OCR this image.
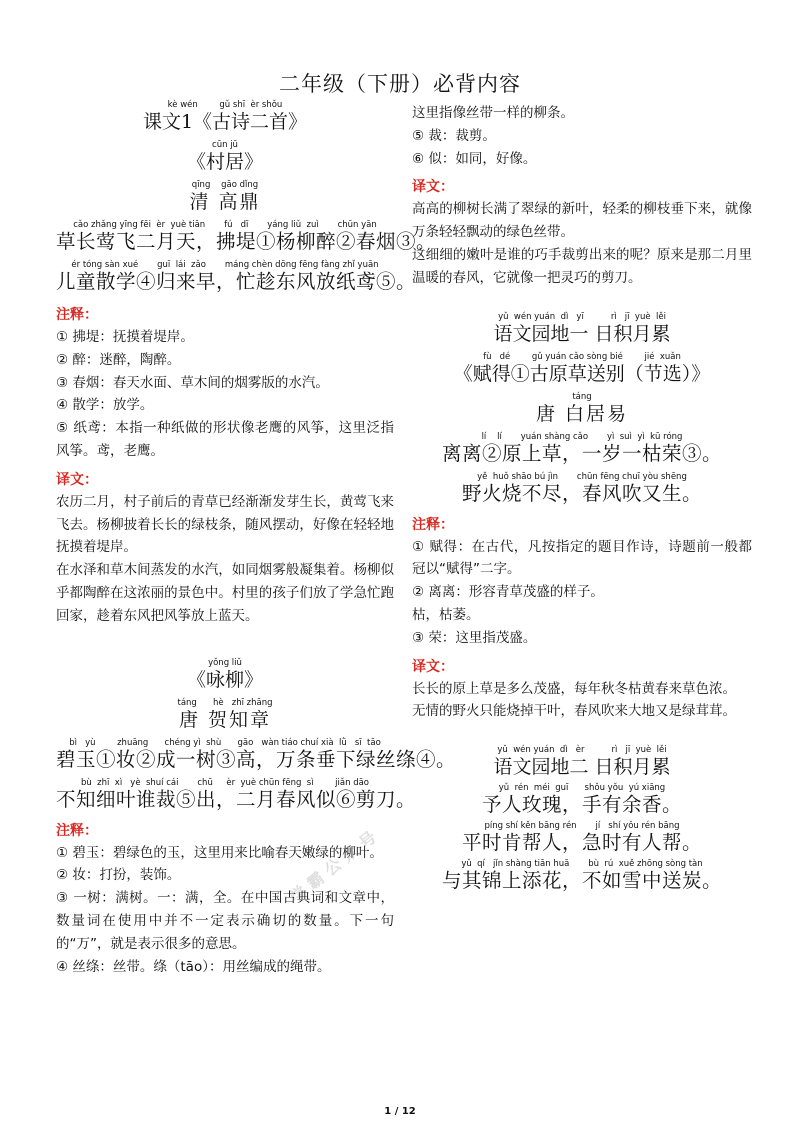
二年级（下册）必背内容
kè wén        gǔ shī  èr shǒu
课文1《古诗二首》
cūn jū
《村居》
qīng    gāo dǐng
清 高鼎
cǎo zhǎng yīng fēi  èr  yuè tiān       fú   dī       yáng liǔ  zuì       chūn yān
草长莺飞二月天，拂堤①杨柳醉②春烟③。
ér tóng sàn xué       guī  lái  zǎo       máng chèn dōng fēng fàng zhǐ yuān
儿童散学④归来早，忙趁东风放纸鸢⑤。
注释：

① 拂堤：抚摸着堤岸。

② 醉：迷醉，陶醉。

③ 春烟：春天水面、草木间的烟雾版的水汽。

④ 散学：放学。

⑤ 纸鸢：本指一种纸做的形状像老鹰的风筝，这里泛指风筝。鸢，老鹰。

译文：

农历二月，村子前后的青草已经渐渐发芽生长，黄莺飞来飞去。杨柳披着长长的绿枝条，随风摆动，好像在轻轻地抚摸着堤岸。

在水泽和草木间蒸发的水汽，如同烟雾般凝集着。杨柳似乎都陶醉在这浓丽的景色中。村里的孩子们放了学急忙跑回家，趁着东风把风筝放上蓝天。

yǒng liǔ
《咏柳》
táng      hè   zhī zhāng
唐 贺知章
bì   yù        zhuāng      chéng yì  shù      gāo   wàn tiáo chuí xià  lǜ   sī  tāo
碧玉①妆②成一树③高，万条垂下绿丝绦④。
bù  zhī  xì   yè  shuí cái       chū     èr  yuè chūn fēng  sì        jiǎn dāo
不知细叶谁裁⑤出，二月春风似⑥剪刀。
注释：

① 碧玉：碧绿色的玉，这里用来比喻春天嫩绿的柳叶。

② 妆：打扮，装饰。

③ 一树：满树。一：满，全。在中国古典词和文章中，数量词在使用中并不一定表示确切的数量。下一句的“万”，就是表示很多的意思。

④ 丝绦：丝带。绦（tāo）：用丝编成的绳带。

这里指像丝带一样的柳条。

⑤ 裁：裁剪。

⑥ 似：如同，好像。

译文：

高高的柳树长满了翠绿的新叶，轻柔的柳枝垂下来，就像万条轻轻飘动的绿色丝带。

这细细的嫩叶是谁的巧手裁剪出来的呢？原来是那二月里温暖的春风，它就像一把灵巧的剪刀。

yǔ  wén yuán  dì   yī          rì   jī  yuè  lěi
语文园地一 日积月累
fù   dé        gǔ yuán cǎo sòng bié        jié  xuǎn
《赋得①古原草送别（节选）》
táng
唐 白居易
lí    lí       yuán shàng cǎo       yì  suì  yì  kū róng
离离②原上草，一岁一枯荣③。
yě  huǒ shāo bú jìn       chūn fēng chuī yòu shēng
野火烧不尽，春风吹又生。
注释：

① 赋得：在古代，凡按指定的题目作诗，诗题前一般都冠以“赋得”二字。

② 离离：形容青草茂盛的样子。

枯，枯萎。

③ 荣：这里指茂盛。

译文：

长长的原上草是多么茂盛，每年秋冬枯黄春来草色浓。

无情的野火只能烧掉干叶，春风吹来大地又是绿茸茸。

yǔ  wén yuán  dì   èr          rì   jī  yuè  lěi
语文园地二 日积月累
yǔ  rén  méi  guī      shǒu yǒu  yú xiāng
予人玫瑰，手有余香。
píng shí kěn bāng rén       jí   shí yǒu rén bāng
平时肯帮人，急时有人帮。
yǔ  qí   jǐn shàng tiān huā       bù  rú  xuě zhōng sòng tàn
与其锦上添花，不如雪中送炭。
学霸公众号
1 / 12
